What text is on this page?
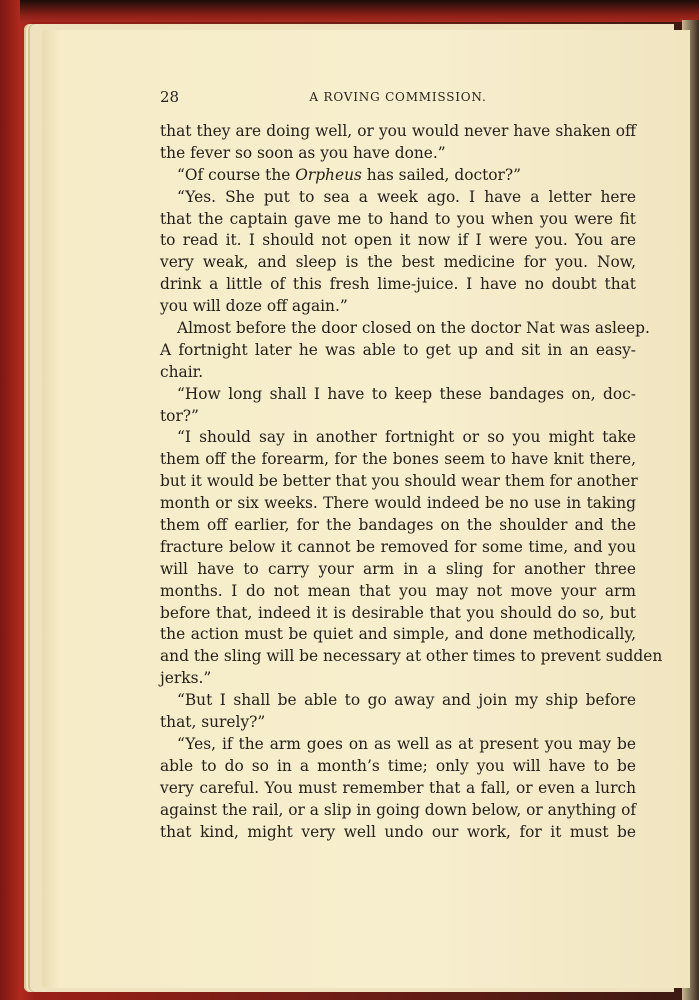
28	A ROVING COMMISSION.
that they are doing well, or you would never have shaken off
the fever so soon as you have done.”
“Of course the Orpheus has sailed, doctor?”
“Yes. She put to sea a week ago. I have a letter here
that the captain gave me to hand to you when you were fit
to read it. I should not open it now if I were you. You are
very weak, and sleep is the best medicine for you. Now,
drink a little of this fresh lime-juice. I have no doubt that
you will doze off again.”
Almost before the door closed on the doctor Nat was asleep.
A fortnight later he was able to get up and sit in an easy-
chair.
“How long shall I have to keep these bandages on, doc-
tor?”
“I should say in another fortnight or so you might take
them off the forearm, for the bones seem to have knit there,
but it would be better that you should wear them for another
month or six weeks. There would indeed be no use in taking
them off earlier, for the bandages on the shoulder and the
fracture below it cannot be removed for some time, and you
will have to carry your arm in a sling for another three
months. I do not mean that you may not move your arm
before that, indeed it is desirable that you should do so, but
the action must be quiet and simple, and done methodically,
and the sling will be necessary at other times to prevent sudden
jerks.”
“But I shall be able to go away and join my ship before
that, surely?”
“Yes, if the arm goes on as well as at present you may be
able to do so in a month’s time; only you will have to be
very careful. You must remember that a fall, or even a lurch
against the rail, or a slip in going down below, or anything of
that kind, might very well undo our work, for it must be
